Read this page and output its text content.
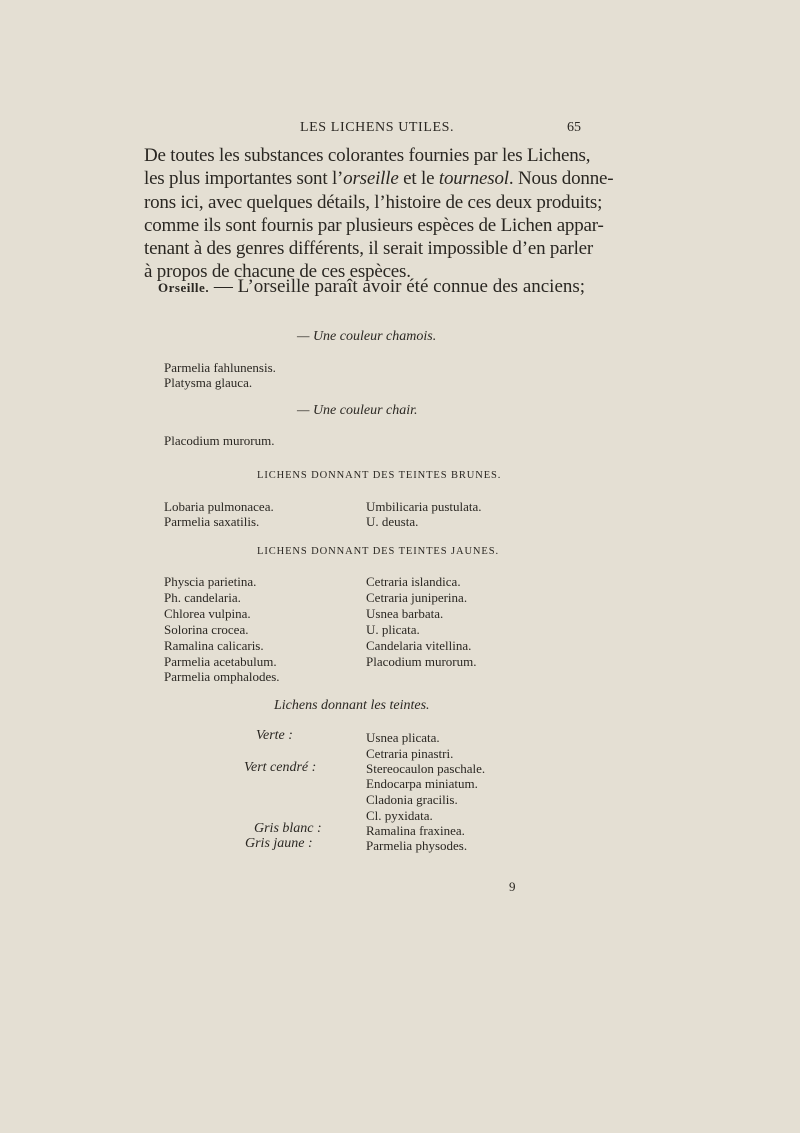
LES LICHENS UTILES.	65
De toutes les substances colorantes fournies par les Lichens,
les plus importantes sont l’orseille et le tournesol. Nous donne-
rons ici, avec quelques détails, l’histoire de ces deux produits;
comme ils sont fournis par plusieurs espèces de Lichen appar-
tenant à des genres différents, il serait impossible d’en parler
à propos de chacune de ces espèces.
Orseille. — L’orseille paraît avoir été connue des anciens;
— Une couleur chamois.
Parmelia fahlunensis.
Platysma glauca.
— Une couleur chair.
Placodium murorum.
LICHENS DONNANT DES TEINTES BRUNES.
Lobaria pulmonacea.
Parmelia saxatilis.
Umbilicaria pustulata.
U. deusta.
LICHENS DONNANT DES TEINTES JAUNES.
Physcia parietina.
Ph. candelaria.
Chlorea vulpina.
Solorina crocea.
Ramalina calicaris.
Parmelia acetabulum.
Parmelia omphalodes.
Cetraria islandica.
Cetraria juniperina.
Usnea barbata.
U. plicata.
Candelaria vitellina.
Placodium murorum.
Lichens donnant les teintes.
Verte :
Vert cendré :
Gris blanc :
Gris jaune :
Usnea plicata.
Cetraria pinastri.
Stereocaulon paschale.
Endocarpa miniatum.
Cladonia gracilis.
Cl. pyxidata.
Ramalina fraxinea.
Parmelia physodes.
9
